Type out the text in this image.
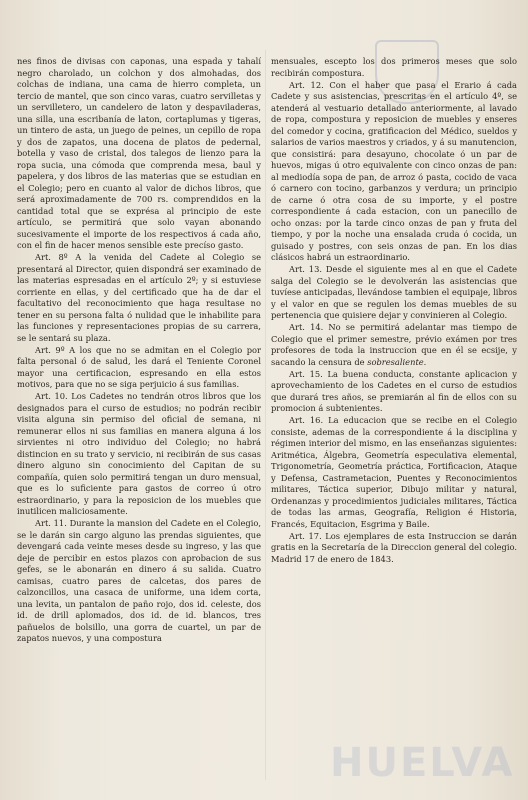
HUELVA

nes finos de divisas con caponas, una espada y tahalí negro charolado, un colchon y dos almohadas, dos colchas de indiana, una cama de hierro completa, un tercio de mantel, que son cinco varas, cuatro servilletas y un servilletero, un candelero de laton y despaviladeras, una silla, una escribanía de laton, cortaplumas y tigeras, un tintero de asta, un juego de peines, un cepillo de ropa y dos de zapatos, una docena de platos de pedernal, botella y vaso de cristal, dos talegos de lienzo para la ropa sucia, una cómoda que comprenda mesa, baul y papelera, y dos libros de las materias que se estudian en el Colegio; pero en cuanto al valor de dichos libros, que será aproximadamente de 700 rs. comprendidos en la cantidad total que se exprésa al principio de este artículo, se permitirá que solo vayan abonando sucesivamente el importe de los respectivos á cada año, con el fin de hacer menos sensible este precíso gasto.

Art. 8º A la venida del Cadete al Colegio se presentará al Director, quien dispondrá ser examinado de las materias espresadas en el artículo 2º; y si estuviese corriente en ellas, y del certificado que ha de dar el facultativo del reconocimiento que haga resultase no tener en su persona falta ó nulidad que le inhabilite para las funciones y representaciones propias de su carrera, se le sentará su plaza.

Art. 9º A los que no se admitan en el Colegio por falta personal ó de salud, les dará el Teniente Coronel mayor una certificacion, espresando en ella estos motivos, para que no se siga perjuicio á sus familias.

Art. 10. Los Cadetes no tendrán otros libros que los designados para el curso de estudios; no podrán recibir visita alguna sin permiso del oficial de semana, ni remunerar ellos ni sus familias en manera alguna á los sirvientes ni otro individuo del Colegio; no habrá distincion en su trato y servicio, ni recibirán de sus casas dinero alguno sin conocimiento del Capitan de su compañía, quien solo permitirá tengan un duro mensual, que es lo suficiente para gastos de correo ú otro estraordinario, y para la reposicion de los muebles que inutilicen maliciosamente.

Art. 11. Durante la mansion del Cadete en el Colegio, se le darán sin cargo alguno las prendas siguientes, que devengará cada veinte meses desde su ingreso, y las que deje de percibir en estos plazos con aprobacion de sus gefes, se le abonarán en dinero á su salida. Cuatro camisas, cuatro pares de calcetas, dos pares de calzoncillos, una casaca de uniforme, una idem corta, una levita, un pantalon de paño rojo, dos id. celeste, dos id. de drill aplomados, dos id. de id. blancos, tres pañuelos de bolsillo, una gorra de cuartel, un par de zapatos nuevos, y una compostura

mensuales, escepto los dos primeros meses que solo recibirán compostura.

Art. 12. Con el haber que pasa el Erario á cada Cadete y sus asistencias, prescritas en el artículo 4º, se atenderá al vestuario detallado anteriormente, al lavado de ropa, compostura y reposicion de muebles y enseres del comedor y cocina, gratificacion del Médico, sueldos y salarios de varios maestros y criados, y á su manutencion, que consistirá: para desayuno, chocolate ó un par de huevos, migas ú otro equivalente con cinco onzas de pan: al mediodía sopa de pan, de arroz ó pasta, cocido de vaca ó carnero con tocino, garbanzos y verdura; un principio de carne ó otra cosa de su importe, y el postre correspondiente á cada estacion, con un panecillo de ocho onzas: por la tarde cinco onzas de pan y fruta del tiempo, y por la noche una ensalada cruda ó cocida, un guisado y postres, con seis onzas de pan. En los dias clásicos habrá un estraordinario.

Art. 13. Desde el siguiente mes al en que el Cadete salga del Colegio se le devolverán las asistencias que tuvíese anticipadas, llevándose tambien el equipaje, libros y el valor en que se regulen los demas muebles de su pertenencia que quisiere dejar y convinieren al Colegio.

Art. 14. No se permitirá adelantar mas tiempo de Colegio que el primer semestre, prévio exámen por tres profesores de toda la instruccion que en él se ecsije, y sacando la censura de sobresaliente.

Art. 15. La buena conducta, constante aplicacion y aprovechamiento de los Cadetes en el curso de estudios que durará tres años, se premiarán al fin de ellos con su promocion á subtenientes.

Art. 16. La educacion que se recibe en el Colegio consiste, ademas de la correspondiente á la disciplina y régimen interior del mismo, en las enseñanzas siguientes: Aritmética, Álgebra, Geometría especulativa elemental, Trigonometría, Geometría práctica, Fortificacion, Ataque y Defensa, Castrametacion, Puentes y Reconocimientos militares, Táctica superior, Dibujo militar y natural, Ordenanzas y procedimientos judiciales militares, Táctica de todas las armas, Geografía, Religion é Historia, Francés, Equitacion, Esgrima y Baile.

Art. 17. Los ejemplares de esta Instruccion se darán gratis en la Secretaría de la Direccion general del colegio. Madrid 17 de enero de 1843.
